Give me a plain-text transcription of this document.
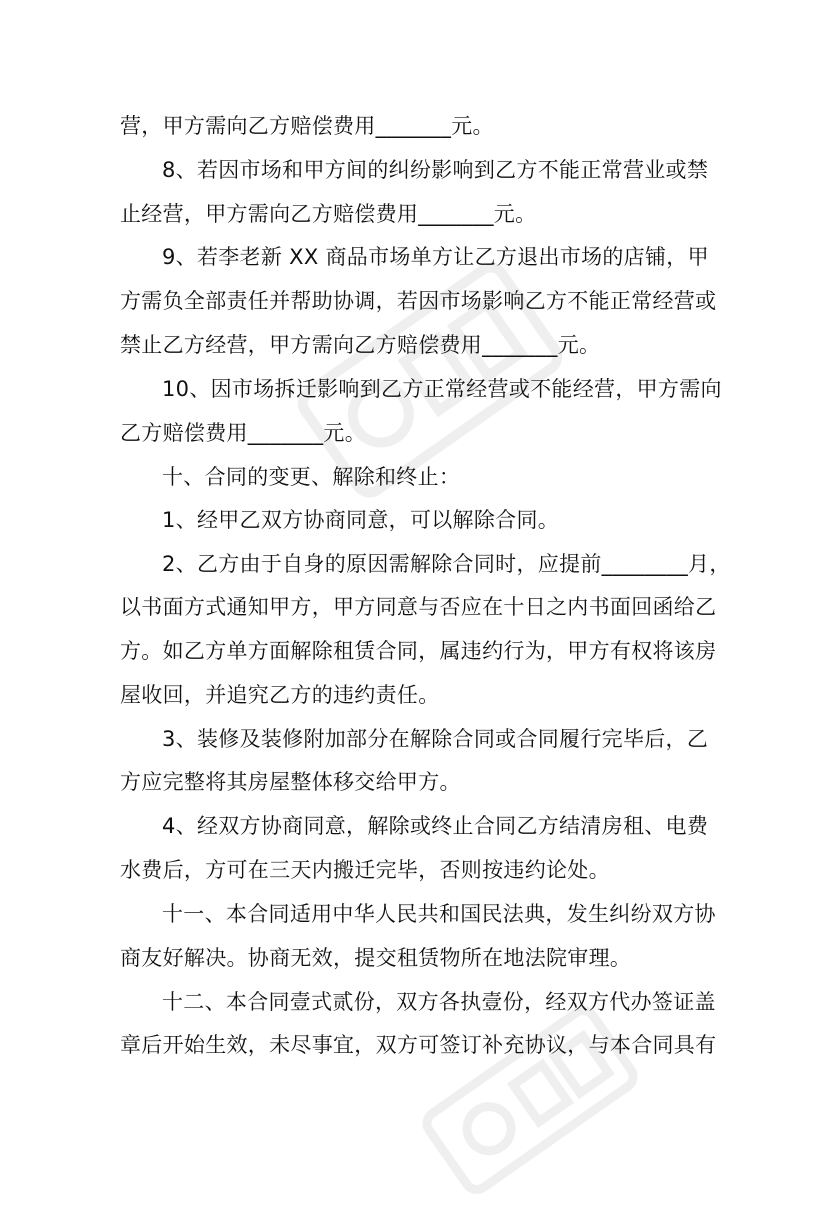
营，甲方需向乙方赔偿费用_______元。
8、若因市场和甲方间的纠纷影响到乙方不能正常营业或禁
止经营，甲方需向乙方赔偿费用_______元。
9、若李老新 XX 商品市场单方让乙方退出市场的店铺，甲
方需负全部责任并帮助协调，若因市场影响乙方不能正常经营或
禁止乙方经营，甲方需向乙方赔偿费用_______元。
10、因市场拆迁影响到乙方正常经营或不能经营，甲方需向
乙方赔偿费用_______元。
十、合同的变更、解除和终止：
1、经甲乙双方协商同意，可以解除合同。
2、乙方由于自身的原因需解除合同时，应提前________月，
以书面方式通知甲方，甲方同意与否应在十日之内书面回函给乙
方。如乙方单方面解除租赁合同，属违约行为，甲方有权将该房
屋收回，并追究乙方的违约责任。
3、装修及装修附加部分在解除合同或合同履行完毕后，乙
方应完整将其房屋整体移交给甲方。
4、经双方协商同意，解除或终止合同乙方结清房租、电费
水费后，方可在三天内搬迁完毕，否则按违约论处。
十一、本合同适用中华人民共和国民法典，发生纠纷双方协
商友好解决。协商无效，提交租赁物所在地法院审理。
十二、本合同壹式贰份，双方各执壹份，经双方代办签证盖
章后开始生效，未尽事宜，双方可签订补充协议，与本合同具有
